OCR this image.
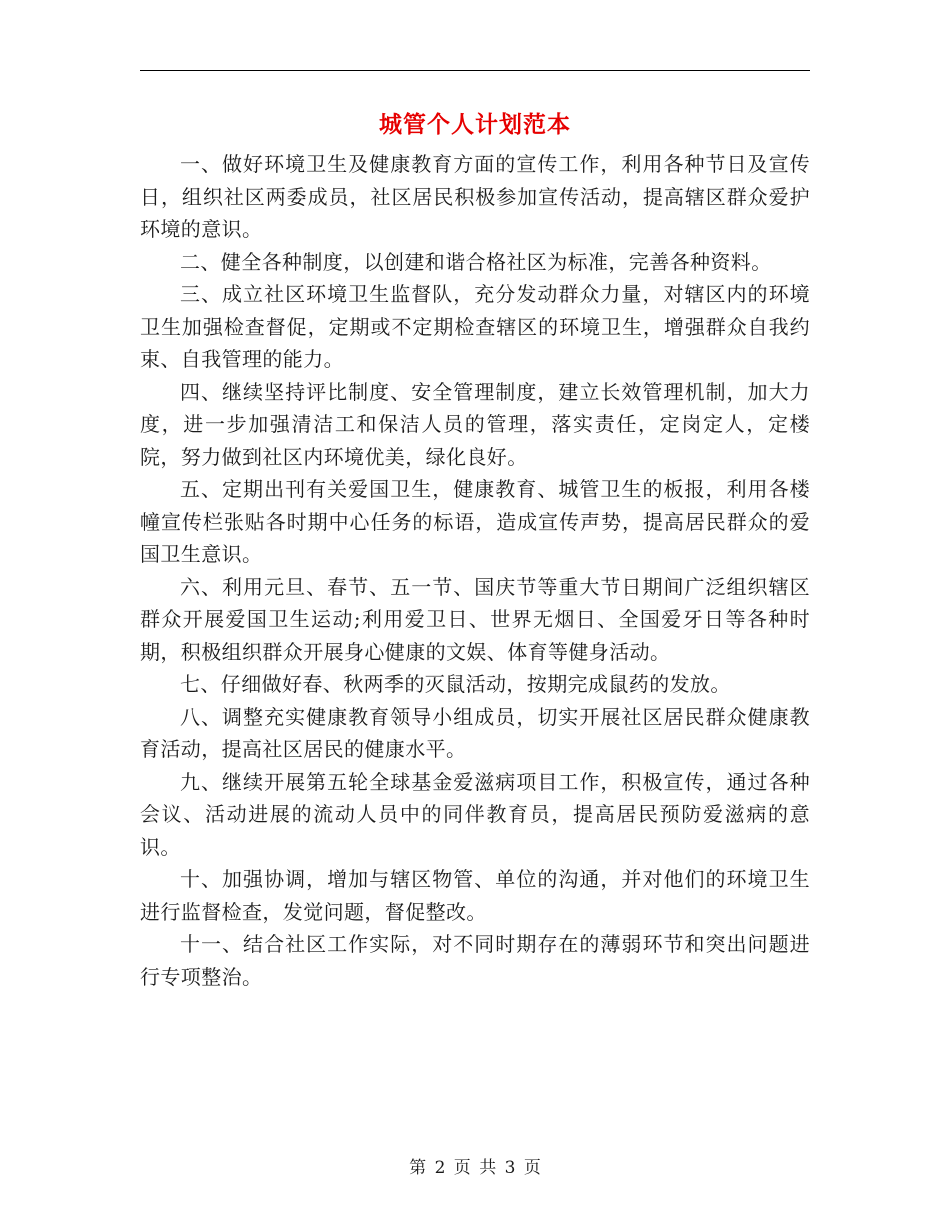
城管个人计划范本

一、做好环境卫生及健康教育方面的宣传工作，利用各种节日及宣传日，组织社区两委成员，社区居民积极参加宣传活动，提高辖区群众爱护环境的意识。

二、健全各种制度，以创建和谐合格社区为标准，完善各种资料。

三、成立社区环境卫生监督队，充分发动群众力量，对辖区内的环境卫生加强检查督促，定期或不定期检查辖区的环境卫生，增强群众自我约束、自我管理的能力。

四、继续坚持评比制度、安全管理制度，建立长效管理机制，加大力度，进一步加强清洁工和保洁人员的管理，落实责任，定岗定人，定楼院，努力做到社区内环境优美，绿化良好。

五、定期出刊有关爱国卫生，健康教育、城管卫生的板报，利用各楼幢宣传栏张贴各时期中心任务的标语，造成宣传声势，提高居民群众的爱国卫生意识。

六、利用元旦、春节、五一节、国庆节等重大节日期间广泛组织辖区群众开展爱国卫生运动;利用爱卫日、世界无烟日、全国爱牙日等各种时期，积极组织群众开展身心健康的文娱、体育等健身活动。

七、仔细做好春、秋两季的灭鼠活动，按期完成鼠药的发放。

八、调整充实健康教育领导小组成员，切实开展社区居民群众健康教育活动，提高社区居民的健康水平。

九、继续开展第五轮全球基金爱滋病项目工作，积极宣传，通过各种会议、活动进展的流动人员中的同伴教育员，提高居民预防爱滋病的意识。

十、加强协调，增加与辖区物管、单位的沟通，并对他们的环境卫生进行监督检查，发觉问题，督促整改。

十一、结合社区工作实际，对不同时期存在的薄弱环节和突出问题进行专项整治。

第 2 页 共 3 页
